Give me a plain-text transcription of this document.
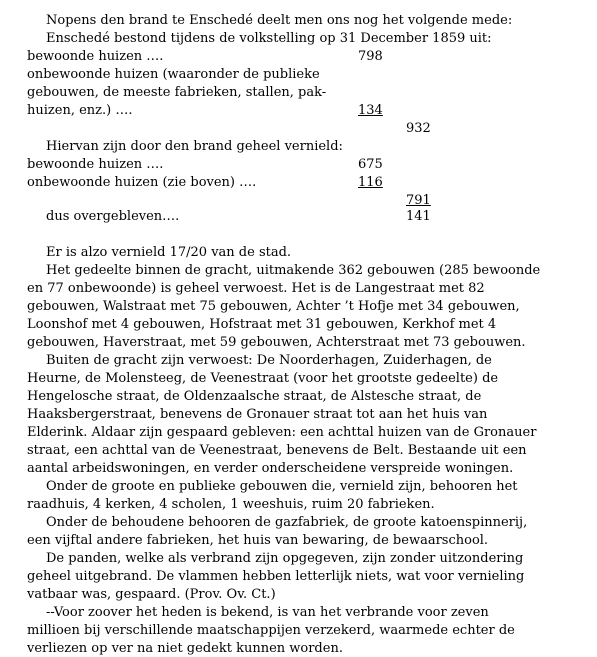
Nopens den brand te Enschedé deelt men ons nog het volgende mede:
Enschedé bestond tijdens de volkstelling op 31 December 1859 uit:
bewoonde huizen ….	798
onbewoonde huizen (waaronder de publieke
gebouwen, de meeste fabrieken, stallen, pak-
huizen, enz.) ….	134
932
Hiervan zijn door den brand geheel vernield:
bewoonde huizen ….	675
onbewoonde huizen (zie boven) ….	116
791
dus overgebleven….	141
Er is alzo vernield 17/20 van de stad.
Het gedeelte binnen de gracht, uitmakende 362 gebouwen (285 bewoonde
en 77 onbewoonde) is geheel verwoest. Het is de Langestraat met 82
gebouwen, Walstraat met 75 gebouwen, Achter ’t Hofje met 34 gebouwen,
Loonshof met 4 gebouwen, Hofstraat met 31 gebouwen, Kerkhof met 4
gebouwen, Haverstraat, met 59 gebouwen, Achterstraat met 73 gebouwen.
Buiten de gracht zijn verwoest: De Noorderhagen, Zuiderhagen, de
Heurne, de Molensteeg, de Veenestraat (voor het grootste gedeelte) de
Hengelosche straat, de Oldenzaalsche straat, de Alstesche straat, de
Haaksbergerstraat, benevens de Gronauer straat tot aan het huis van
Elderink. Aldaar zijn gespaard gebleven: een achttal huizen van de Gronauer
straat, een achttal van de Veenestraat, benevens de Belt. Bestaande uit een
aantal arbeidswoningen, en verder onderscheidene verspreide woningen.
Onder de groote en publieke gebouwen die, vernield zijn, behooren het
raadhuis, 4 kerken, 4 scholen, 1 weeshuis, ruim 20 fabrieken.
Onder de behoudene behooren de gazfabriek, de groote katoenspinnerij,
een vijftal andere fabrieken, het huis van bewaring, de bewaarschool.
De panden, welke als verbrand zijn opgegeven, zijn zonder uitzondering
geheel uitgebrand. De vlammen hebben letterlijk niets, wat voor vernieling
vatbaar was, gespaard. (Prov. Ov. Ct.)
--Voor zoover het heden is bekend, is van het verbrande voor zeven
millioen bij verschillende maatschappijen verzekerd, waarmede echter de
verliezen op ver na niet gedekt kunnen worden.
